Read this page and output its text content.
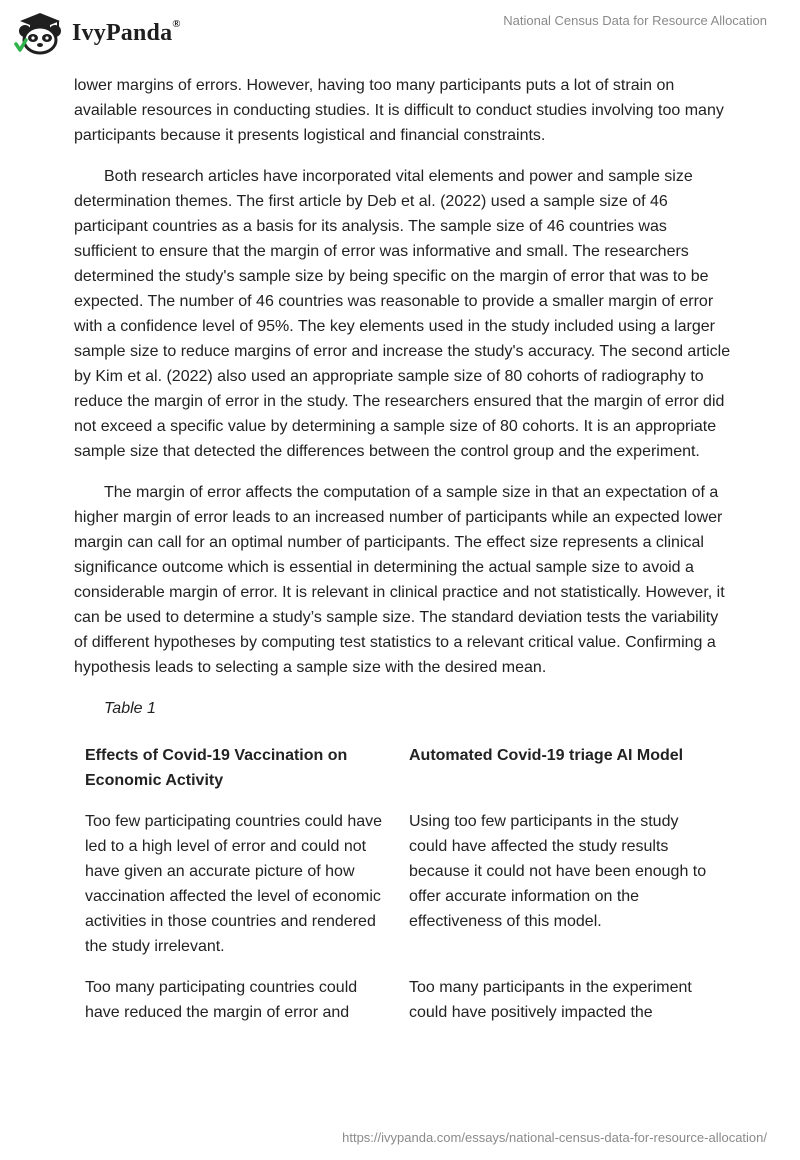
IvyPanda®	National Census Data for Resource Allocation

lower margins of errors. However, having too many participants puts a lot of strain on available resources in conducting studies. It is difficult to conduct studies involving too many participants because it presents logistical and financial constraints.

Both research articles have incorporated vital elements and power and sample size determination themes. The first article by Deb et al. (2022) used a sample size of 46 participant countries as a basis for its analysis. The sample size of 46 countries was sufficient to ensure that the margin of error was informative and small. The researchers determined the study's sample size by being specific on the margin of error that was to be expected. The number of 46 countries was reasonable to provide a smaller margin of error with a confidence level of 95%. The key elements used in the study included using a larger sample size to reduce margins of error and increase the study's accuracy. The second article by Kim et al. (2022) also used an appropriate sample size of 80 cohorts of radiography to reduce the margin of error in the study. The researchers ensured that the margin of error did not exceed a specific value by determining a sample size of 80 cohorts. It is an appropriate sample size that detected the differences between the control group and the experiment.

The margin of error affects the computation of a sample size in that an expectation of a higher margin of error leads to an increased number of participants while an expected lower margin can call for an optimal number of participants. The effect size represents a clinical significance outcome which is essential in determining the actual sample size to avoid a considerable margin of error. It is relevant in clinical practice and not statistically. However, it can be used to determine a study’s sample size. The standard deviation tests the variability of different hypotheses by computing test statistics to a relevant critical value. Confirming a hypothesis leads to selecting a sample size with the desired mean.

Table 1
Effects of Covid-19 Vaccination on Economic Activity
Automated Covid-19 triage AI Model
Too few participating countries could have led to a high level of error and could not have given an accurate picture of how vaccination affected the level of economic activities in those countries and rendered the study irrelevant.
Using too few participants in the study could have affected the study results because it could not have been enough to offer accurate information on the effectiveness of this model.
Too many participating countries could have reduced the margin of error and
Too many participants in the experiment could have positively impacted the
https://ivypanda.com/essays/national-census-data-for-resource-allocation/
